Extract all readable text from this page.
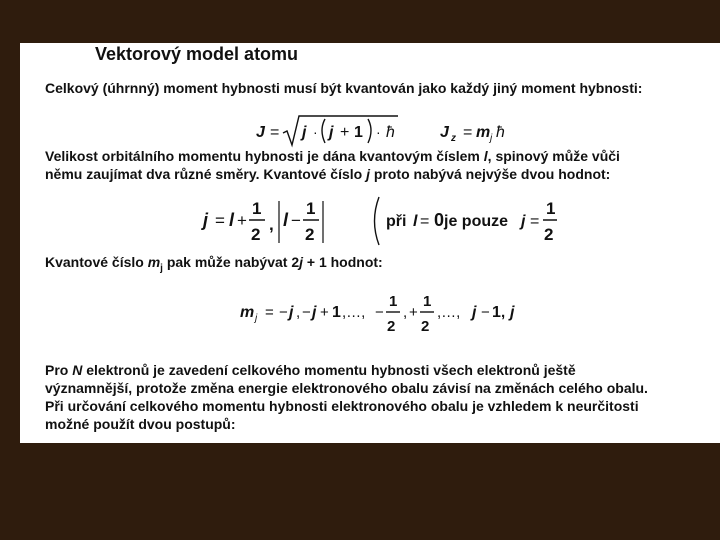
Vektorový model atomu
Celkový (úhrnný) moment hybnosti musí být kvantován jako každý jiný moment hybnosti:
J = j · j + 1 · ħ	J z = m j ħ
Velikost orbitálního momentu hybnosti je dána kvantovým číslem l, spinový může vůči
němu zaujímat dva různé směry. Kvantové číslo j proto nabývá nejvýše dvou hodnot:
j = l +
1
2
, l −
1
2
při l = 0 je pouze j =
1
2
Kvantové číslo $m_j$ pak může nabývat 2j + 1 hodnot:
m j = − j , − j + 1 ,…, −
1
2
, +
1
2
,…, j − 1 , j
Pro N elektronů je zavedení celkového momentu hybnosti všech elektronů ještě
významnější, protože změna energie elektronového obalu závisí na změnách celého obalu.
Při určování celkového momentu hybnosti elektronového obalu je vzhledem k neurčitosti
možné použít dvou postupů:
